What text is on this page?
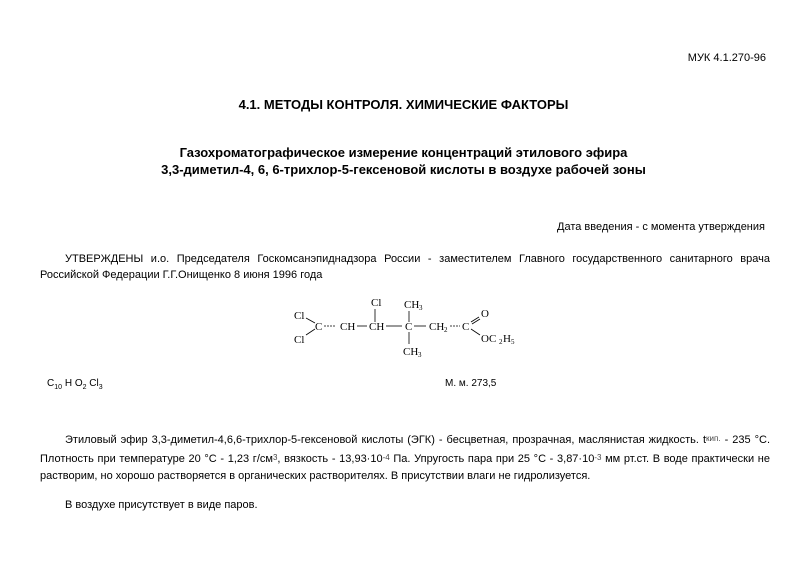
МУК 4.1.270-96
4.1. МЕТОДЫ КОНТРОЛЯ. ХИМИЧЕСКИЕ ФАКТОРЫ
Газохроматографическое измерение концентраций этилового эфира
3,3-диметил-4, 6, 6-трихлор-5-гексеновой кислоты в воздухе рабочей зоны
Дата введения - с момента утверждения
УТВЕРЖДЕНЫ и.о. Председателя Госкомсанэпиднадзора России - заместителем Главного государственного санитарного врача Российской Федерации Г.Г.Онищенко 8 июня 1996 года
Cl CH 3
Cl
C CH CH C CH 2 C
O
OC 2 H 5
Cl
CH 3
$C_{10}$ H $O_2$ $Cl_3$	М. м. 273,5
Этиловый эфир 3,3-диметил-4,6,6-трихлор-5-гексеновой кислоты (ЭГК) - бесцветная, прозрачная, маслянистая жидкость. $t_{кип.} - 235$ °С. Плотность при температуре 20 °С - 1,23 $г/см^3$, вязкость - $13,93\cdot 10^{-4}$ Па. Упругость пара при 25 $^\circ С - 3,87\cdot 10^{-3}$ мм рт.ст. В воде практически не растворим, но хорошо растворяется в органических растворителях. В присутствии влаги не гидролизуется.
В воздухе присутствует в виде паров.
